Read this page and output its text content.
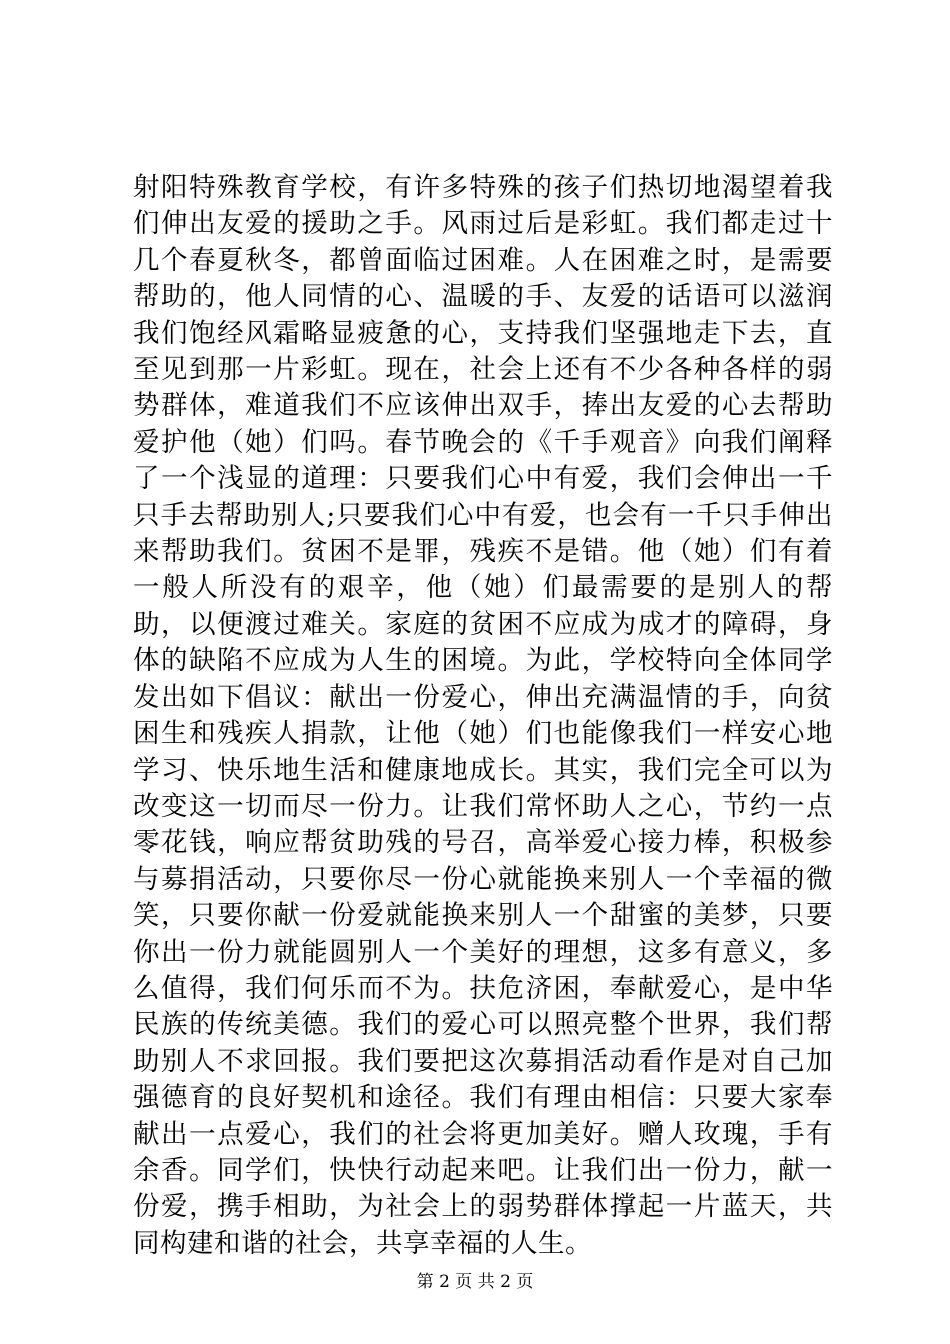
射阳特殊教育学校，有许多特殊的孩子们热切地渴望着我们伸出友爱的援助之手。风雨过后是彩虹。我们都走过十几个春夏秋冬，都曾面临过困难。人在困难之时，是需要帮助的，他人同情的心、温暖的手、友爱的话语可以滋润我们饱经风霜略显疲惫的心，支持我们坚强地走下去，直至见到那一片彩虹。现在，社会上还有不少各种各样的弱势群体，难道我们不应该伸出双手，捧出友爱的心去帮助爱护他（她）们吗。春节晚会的《千手观音》向我们阐释了一个浅显的道理：只要我们心中有爱，我们会伸出一千只手去帮助别人;只要我们心中有爱，也会有一千只手伸出来帮助我们。贫困不是罪，残疾不是错。他（她）们有着一般人所没有的艰辛，他（她）们最需要的是别人的帮助，以便渡过难关。家庭的贫困不应成为成才的障碍，身体的缺陷不应成为人生的困境。为此，学校特向全体同学发出如下倡议：献出一份爱心，伸出充满温情的手，向贫困生和残疾人捐款，让他（她）们也能像我们一样安心地学习、快乐地生活和健康地成长。其实，我们完全可以为改变这一切而尽一份力。让我们常怀助人之心，节约一点零花钱，响应帮贫助残的号召，高举爱心接力棒，积极参与募捐活动，只要你尽一份心就能换来别人一个幸福的微笑，只要你献一份爱就能换来别人一个甜蜜的美梦，只要你出一份力就能圆别人一个美好的理想，这多有意义，多么值得，我们何乐而不为。扶危济困，奉献爱心，是中华民族的传统美德。我们的爱心可以照亮整个世界，我们帮助别人不求回报。我们要把这次募捐活动看作是对自己加强德育的良好契机和途径。我们有理由相信：只要大家奉献出一点爱心，我们的社会将更加美好。赠人玫瑰，手有余香。同学们，快快行动起来吧。让我们出一份力，献一份爱，携手相助，为社会上的弱势群体撑起一片蓝天，共同构建和谐的社会，共享幸福的人生。

第 2 页 共 2 页
